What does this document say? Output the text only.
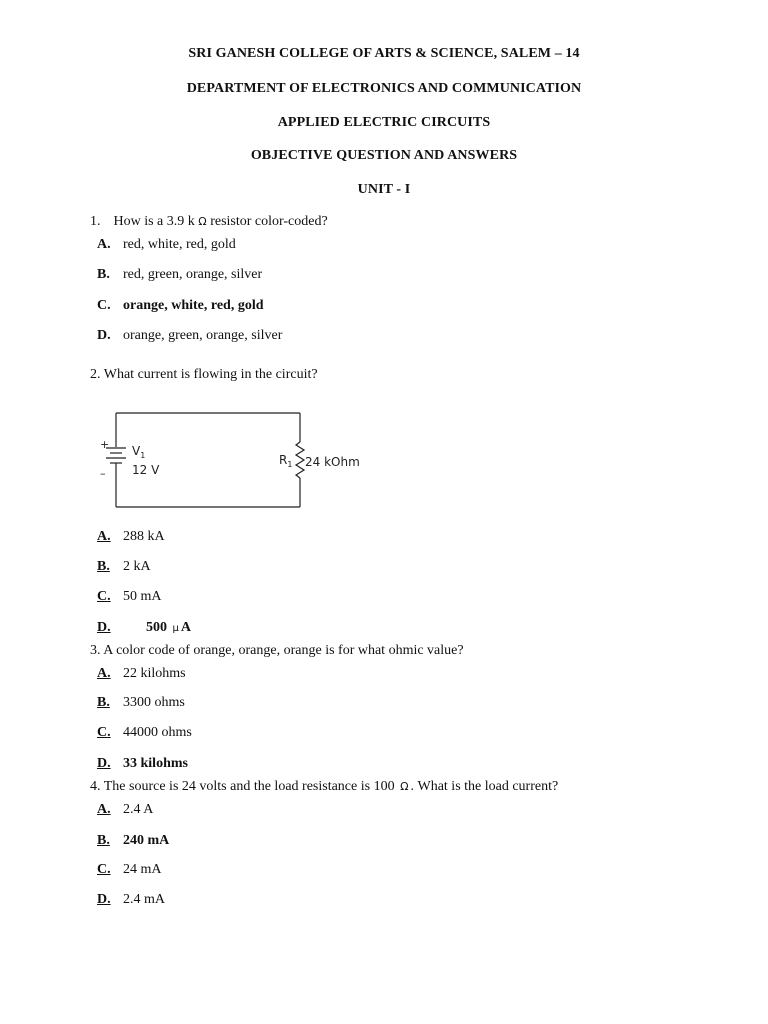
SRI GANESH COLLEGE OF ARTS & SCIENCE, SALEM – 14
DEPARTMENT OF ELECTRONICS AND COMMUNICATION
APPLIED ELECTRIC CIRCUITS
OBJECTIVE QUESTION AND ANSWERS
UNIT - I
1. How is a 3.9 k Ω resistor color-coded?
A. red, white, red, gold
B. red, green, orange, silver
C. orange, white, red, gold
D. orange, green, orange, silver
2. What current is flowing in the circuit?
+
–
$V_1$
12 V
$R_1$ 24 kOhm
A. 288 kA
B. 2 kA
C. 50 mA
D.	500 µ A
3. A color code of orange, orange, orange is for what ohmic value?
A. 22 kilohms
B. 3300 ohms
C. 44000 ohms
D. 33 kilohms
4. The source is 24 volts and the load resistance is 100 Ω . What is the load current?
A. 2.4 A
B. 240 mA
C. 24 mA
D. 2.4 mA
